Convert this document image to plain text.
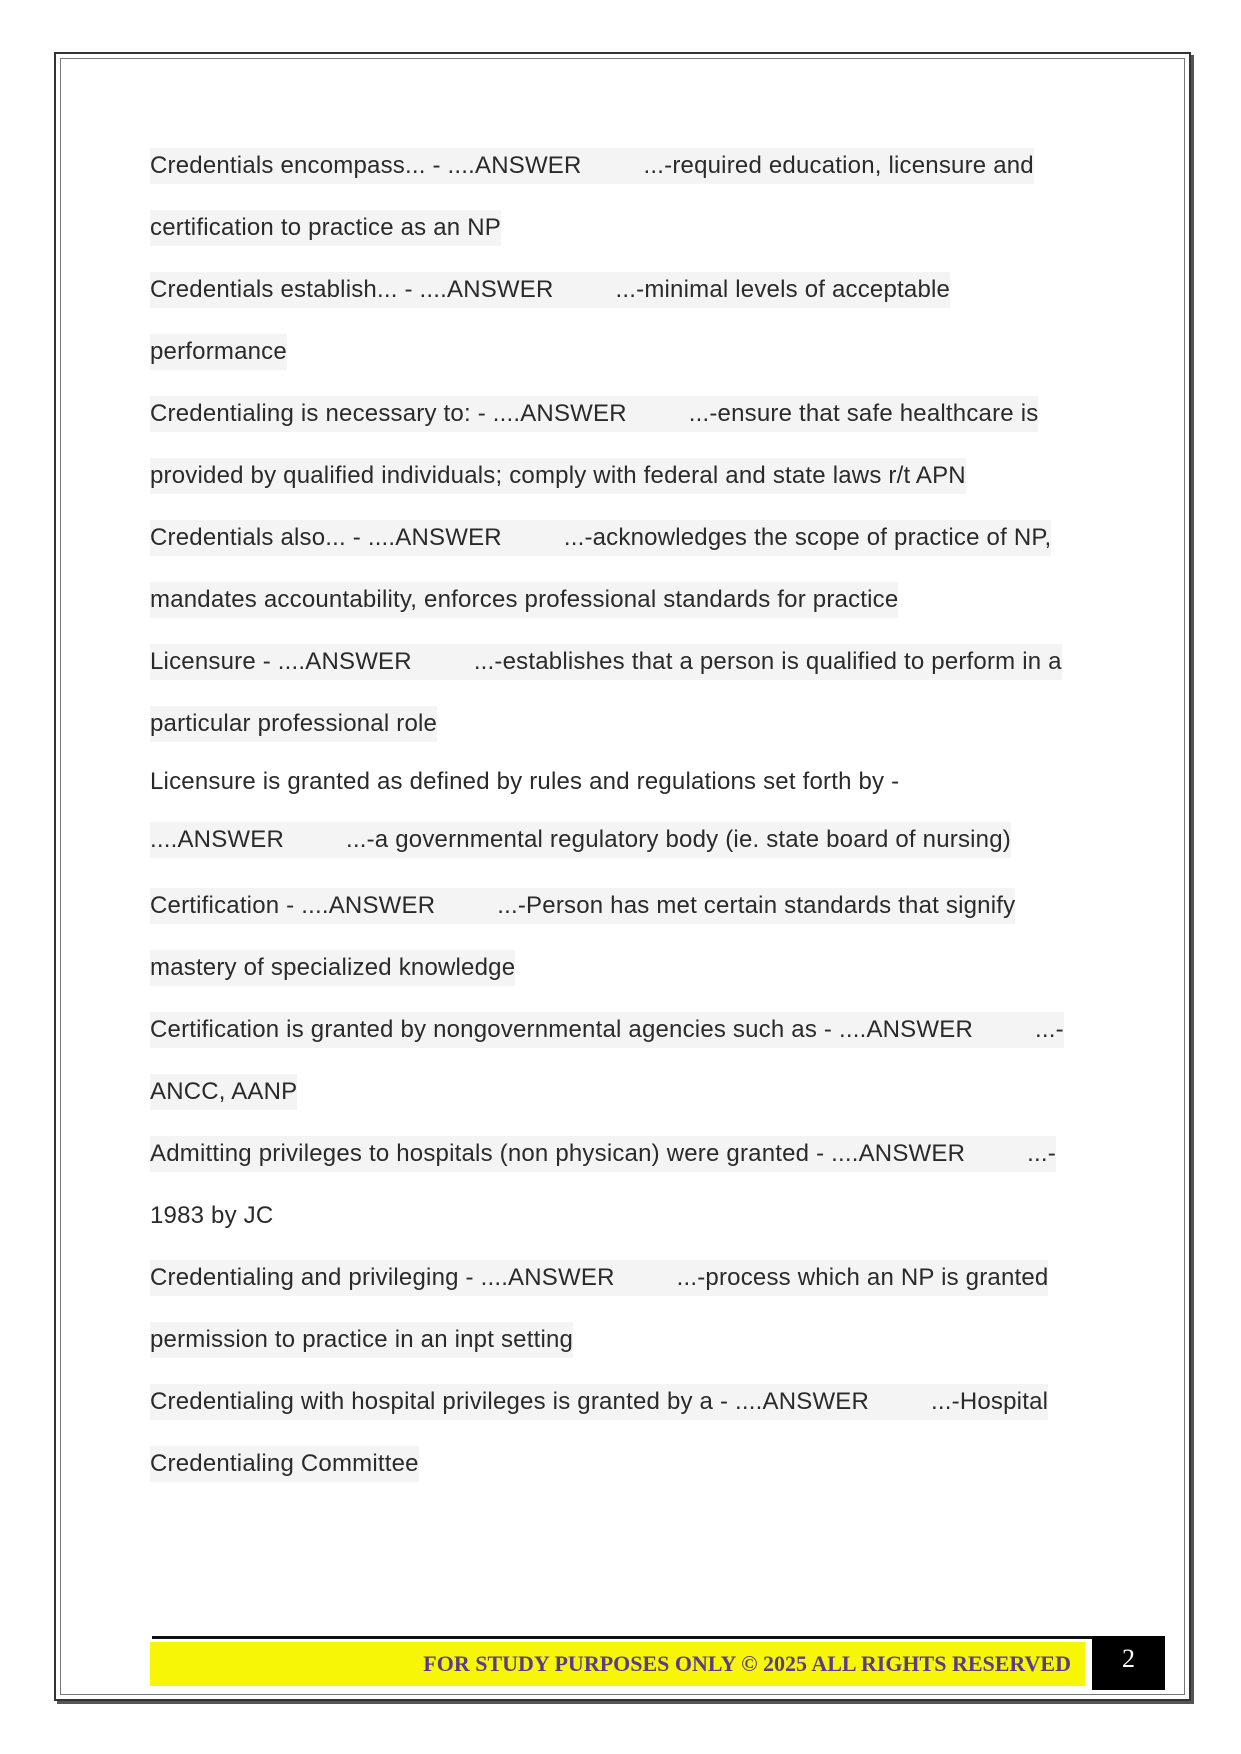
Credentials encompass... - ....ANSWER	...-required education, licensure and
certification to practice as an NP
Credentials establish... - ....ANSWER	...-minimal levels of acceptable
performance
Credentialing is necessary to: - ....ANSWER	...-ensure that safe healthcare is
provided by qualified individuals; comply with federal and state laws r/t APN
Credentials also... - ....ANSWER	...-acknowledges the scope of practice of NP,
mandates accountability, enforces professional standards for practice
Licensure - ....ANSWER	...-establishes that a person is qualified to perform in a
particular professional role
Licensure is granted as defined by rules and regulations set forth by -
....ANSWER	...-a governmental regulatory body (ie. state board of nursing)
Certification - ....ANSWER	...-Person has met certain standards that signify
mastery of specialized knowledge
Certification is granted by nongovernmental agencies such as - ....ANSWER	...-
ANCC, AANP
Admitting privileges to hospitals (non physican) were granted - ....ANSWER	...-
1983 by JC
Credentialing and privileging - ....ANSWER	...-process which an NP is granted
permission to practice in an inpt setting
Credentialing with hospital privileges is granted by a - ....ANSWER	...-Hospital
Credentialing Committee
FOR STUDY PURPOSES ONLY © 2025 ALL RIGHTS RESERVED	2
